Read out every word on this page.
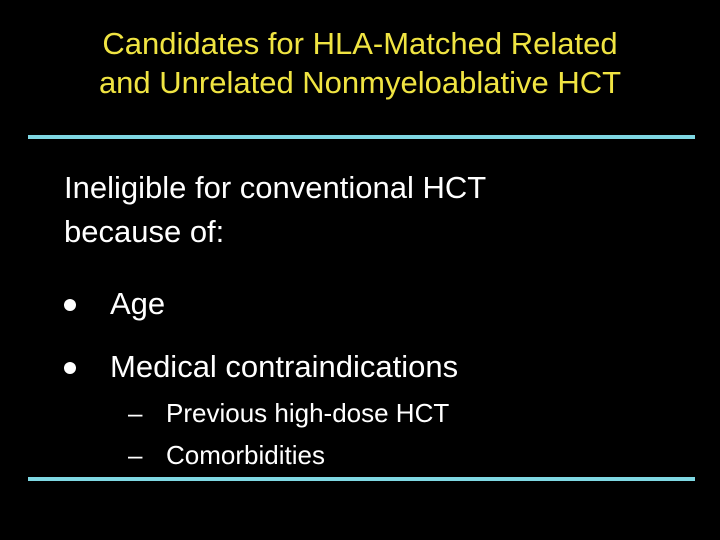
Candidates for HLA-Matched Related
and Unrelated Nonmyeloablative HCT
Ineligible for conventional HCT
because of:
Age
Medical contraindications
– Previous high-dose HCT
– Comorbidities
